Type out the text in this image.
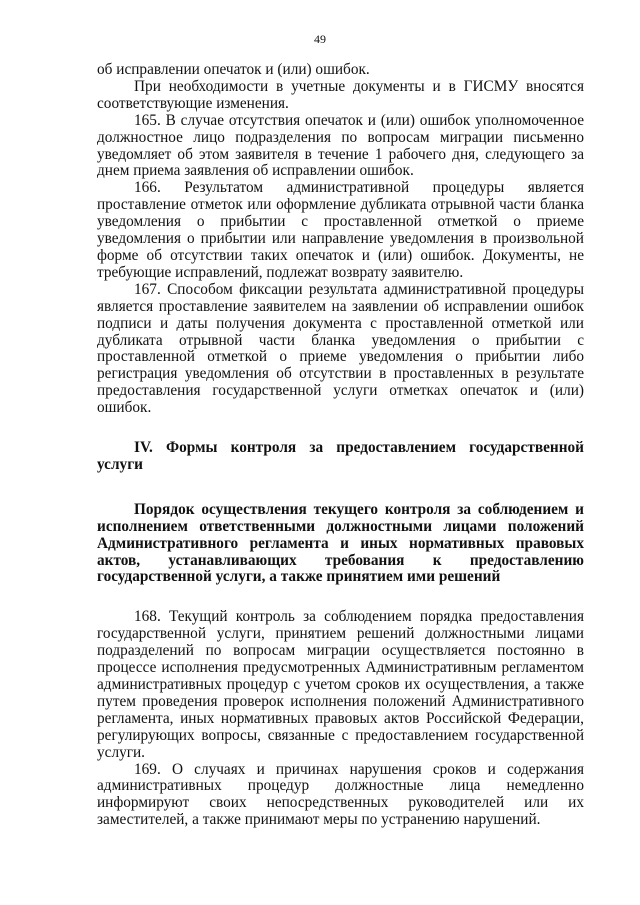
49

об исправлении опечаток и (или) ошибок.

При необходимости в учетные документы и в ГИСМУ вносятся соответствующие изменения.

165. В случае отсутствия опечаток и (или) ошибок уполномоченное должностное лицо подразделения по вопросам миграции письменно уведомляет об этом заявителя в течение 1 рабочего дня, следующего за днем приема заявления об исправлении ошибок.

166. Результатом административной процедуры является проставление отметок или оформление дубликата отрывной части бланка уведомления о прибытии с проставленной отметкой о приеме уведомления о прибытии или направление уведомления в произвольной форме об отсутствии таких опечаток и (или) ошибок. Документы, не требующие исправлений, подлежат возврату заявителю.

167. Способом фиксации результата административной процедуры является проставление заявителем на заявлении об исправлении ошибок подписи и даты получения документа с проставленной отметкой или дубликата отрывной части бланка уведомления о прибытии с проставленной отметкой о приеме уведомления о прибытии либо регистрация уведомления об отсутствии в проставленных в результате предоставления государственной услуги отметках опечаток и (или) ошибок.

IV. Формы контроля за предоставлением государственной услуги

Порядок осуществления текущего контроля за соблюдением и исполнением ответственными должностными лицами положений Административного регламента и иных нормативных правовых актов, устанавливающих требования к предоставлению государственной услуги, а также принятием ими решений

168. Текущий контроль за соблюдением порядка предоставления государственной услуги, принятием решений должностными лицами подразделений по вопросам миграции осуществляется постоянно в процессе исполнения предусмотренных Административным регламентом административных процедур с учетом сроков их осуществления, а также путем проведения проверок исполнения положений Административного регламента, иных нормативных правовых актов Российской Федерации, регулирующих вопросы, связанные с предоставлением государственной услуги.

169. О случаях и причинах нарушения сроков и содержания административных процедур должностные лица немедленно информируют своих непосредственных руководителей или их заместителей, а также принимают меры по устранению нарушений.
